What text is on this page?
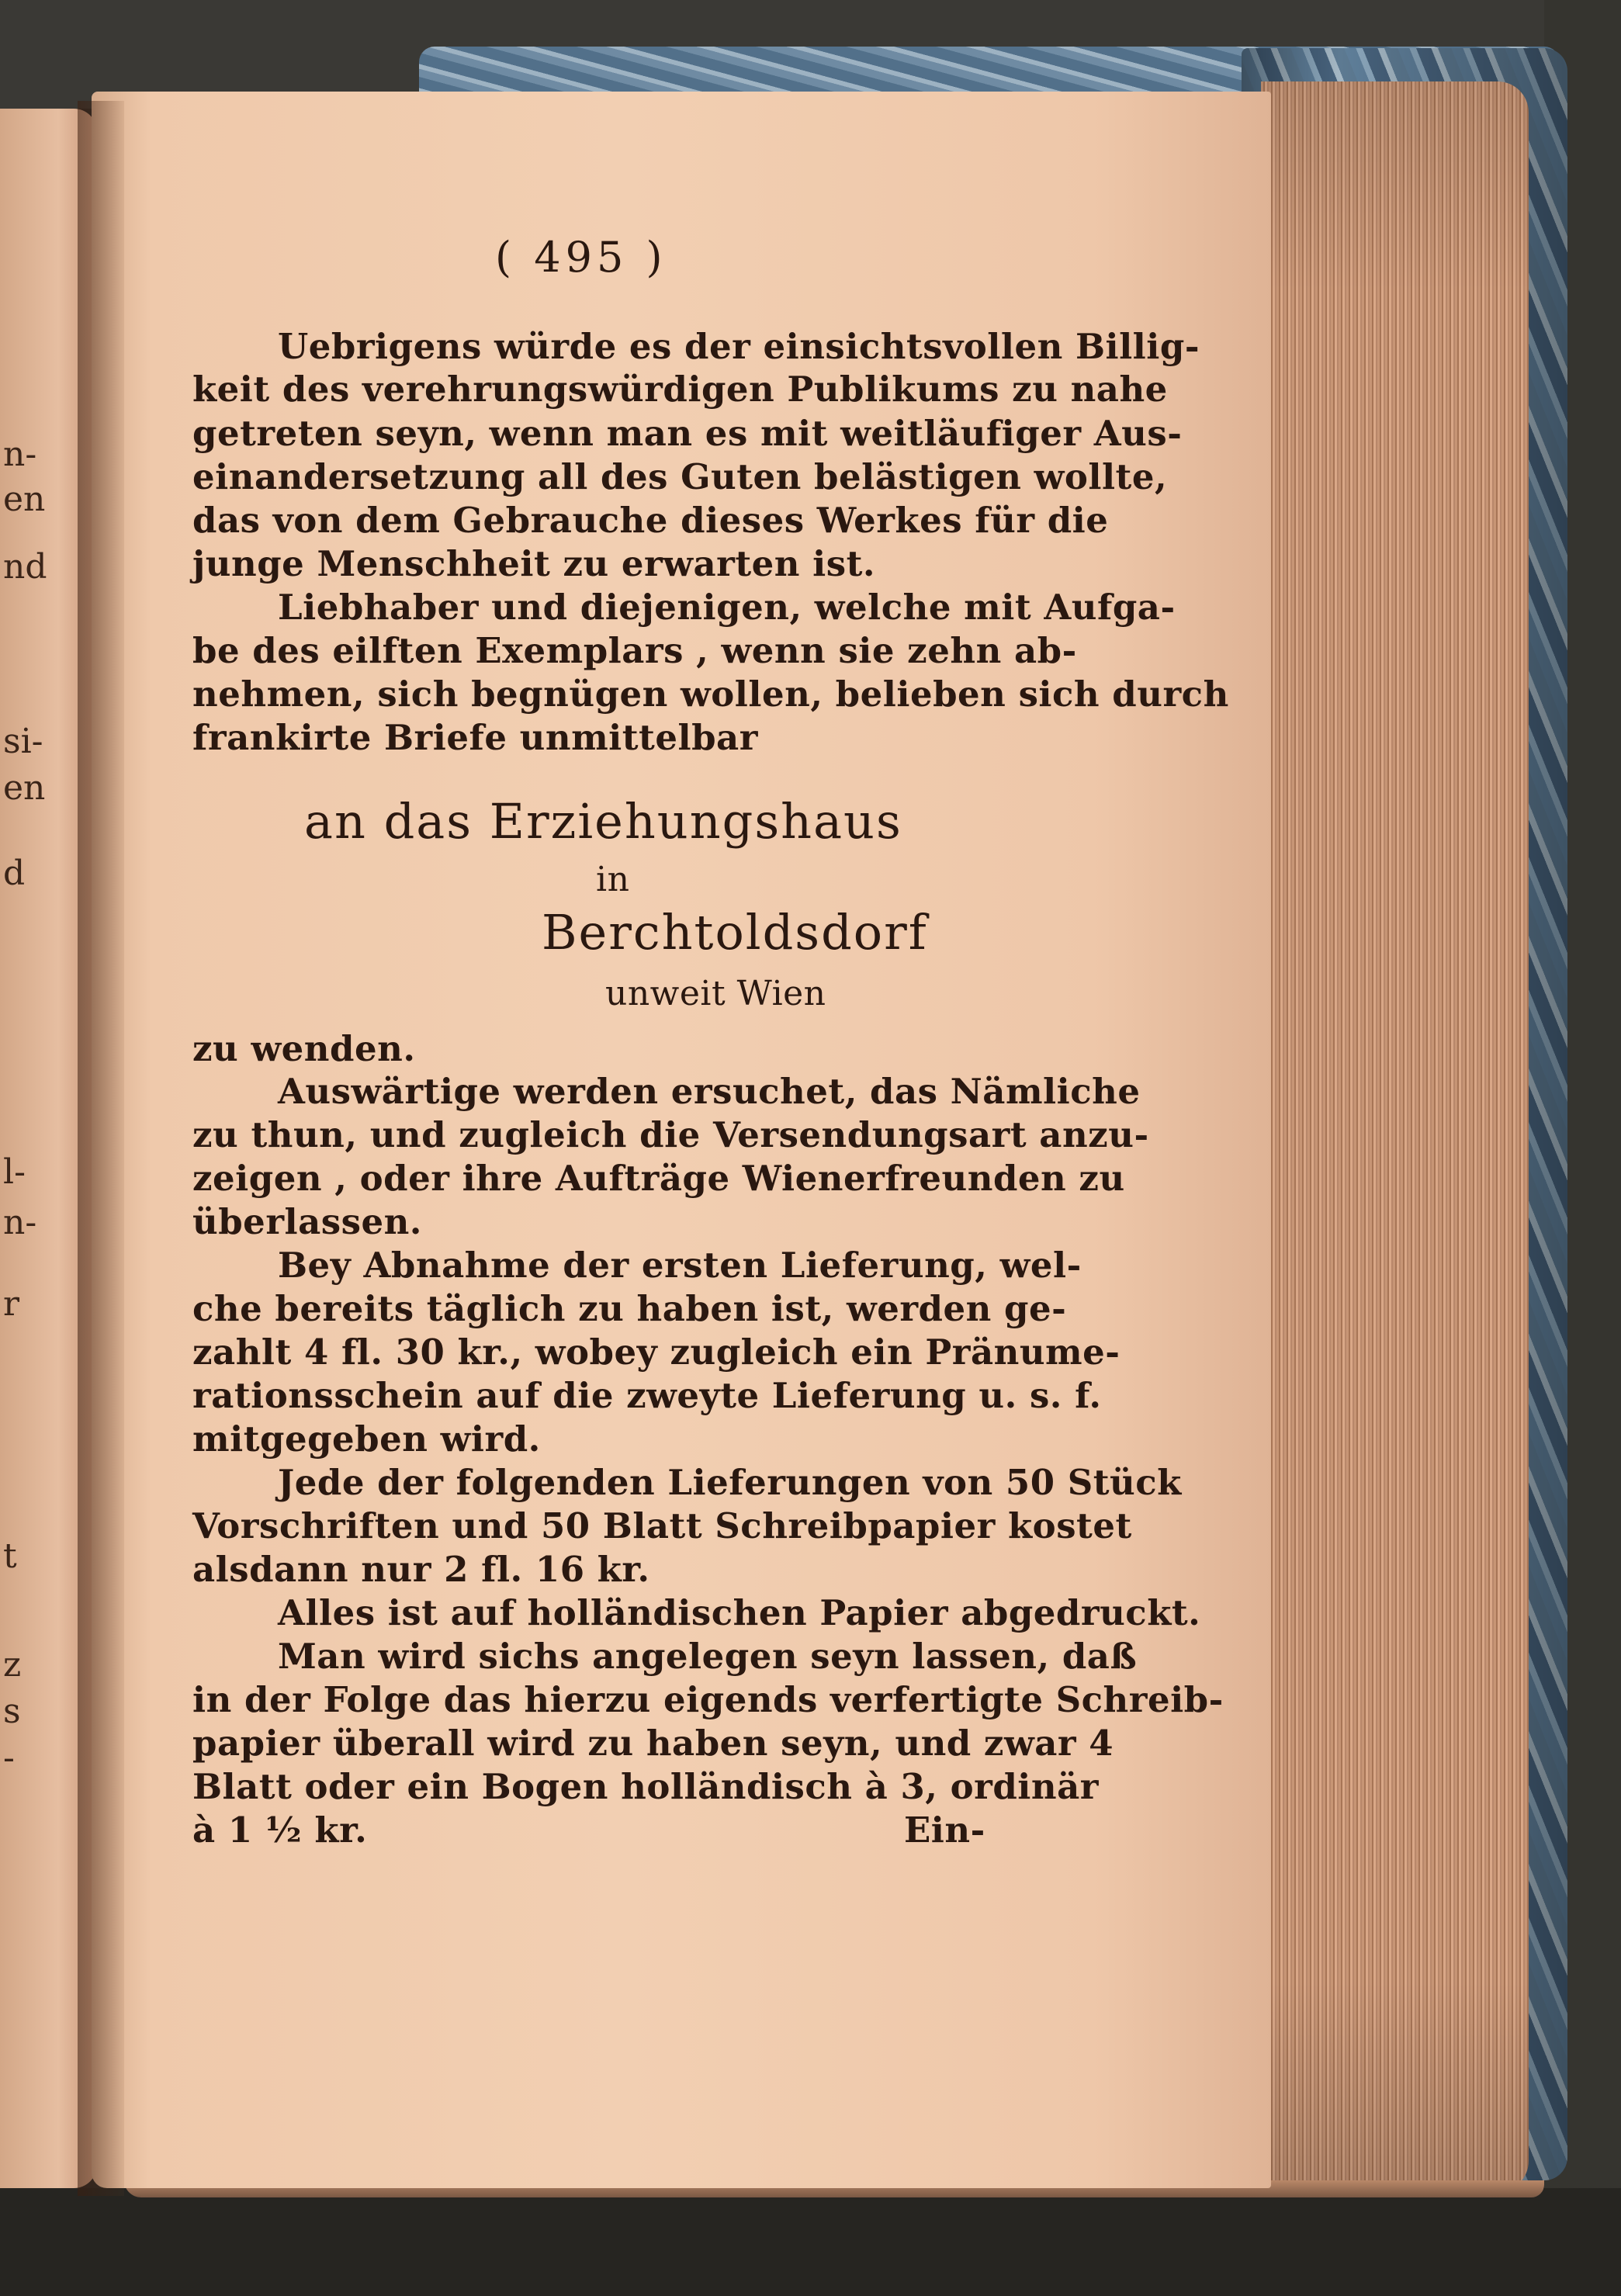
n-
en
nd
si-
en
d
l-
n-
r
t
z
s
-
( 495 )
Uebrigens würde es der einsichtsvollen Billig-
keit des verehrungswürdigen Publikums zu nahe
getreten seyn, wenn man es mit weitläufiger Aus-
einandersetzung all des Guten belästigen wollte,
das von dem Gebrauche dieses Werkes für die
junge Menschheit zu erwarten ist.
Liebhaber und diejenigen, welche mit Aufga-
be des eilften Exemplars , wenn sie zehn ab-
nehmen, sich begnügen wollen, belieben sich durch
frankirte Briefe unmittelbar
an das Erziehungshaus
in
Berchtoldsdorf
unweit Wien
zu wenden.
Auswärtige werden ersuchet, das Nämliche
zu thun, und zugleich die Versendungsart anzu-
zeigen , oder ihre Aufträge Wienerfreunden zu
überlassen.
Bey Abnahme der ersten Lieferung, wel-
che bereits täglich zu haben ist, werden ge-
zahlt 4 fl. 30 kr., wobey zugleich ein Pränume-
rationsschein auf die zweyte Lieferung u. s. f.
mitgegeben wird.
Jede der folgenden Lieferungen von 50 Stück
Vorschriften und 50 Blatt Schreibpapier kostet
alsdann nur 2 fl. 16 kr.
Alles ist auf holländischen Papier abgedruckt.
Man wird sichs angelegen seyn lassen, daß
in der Folge das hierzu eigends verfertigte Schreib-
papier überall wird zu haben seyn, und zwar 4
Blatt oder ein Bogen holländisch à 3, ordinär
à 1 ½ kr.	Ein-
